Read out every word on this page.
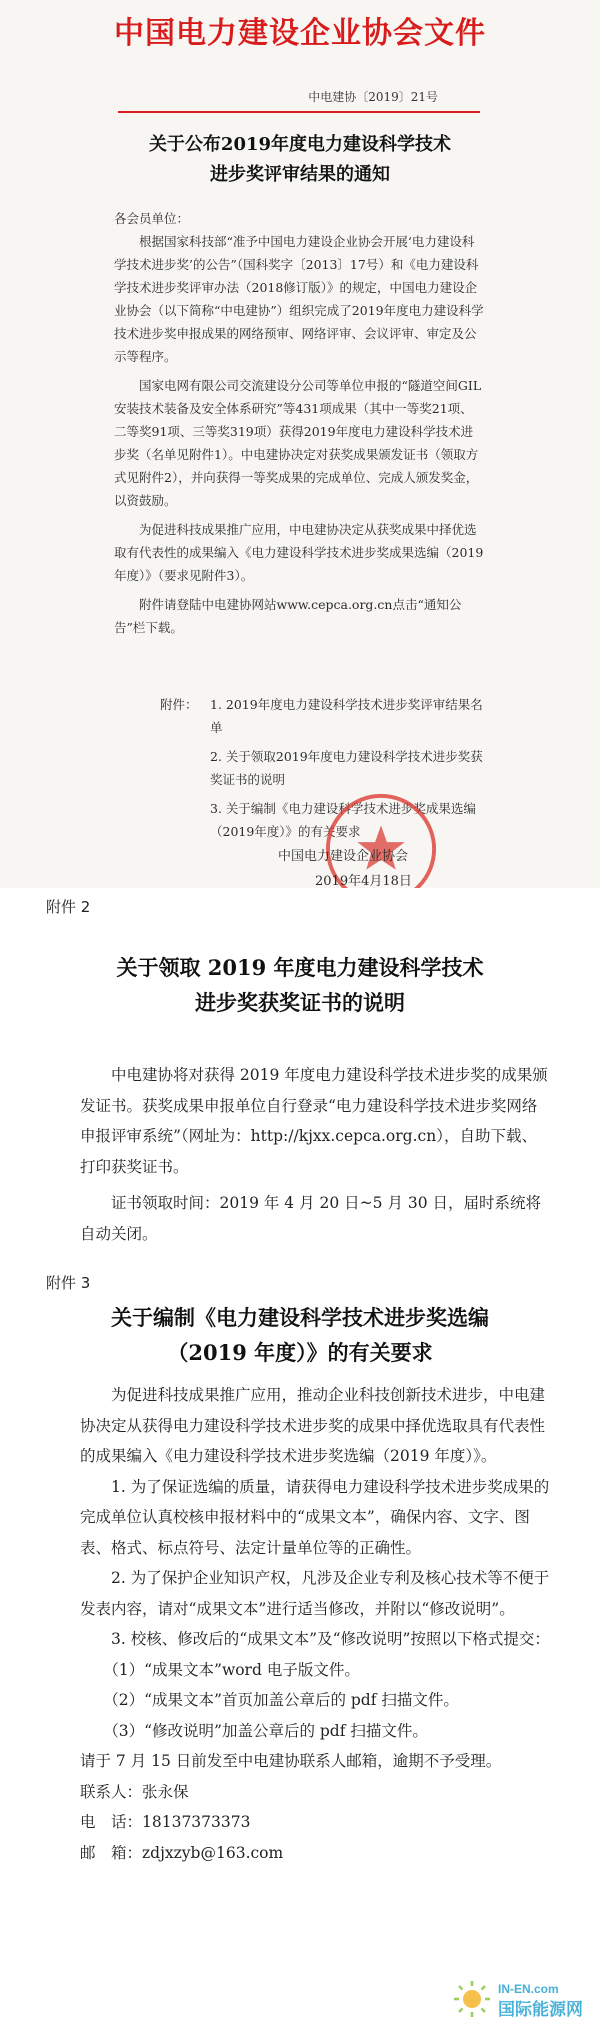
中国电力建设企业协会文件
中电建协〔2019〕21号
关于公布2019年度电力建设科学技术
进步奖评审结果的通知

各会员单位：

根据国家科技部“准予中国电力建设企业协会开展‘电力建设科学技术进步奖’的公告”（国科奖字〔2013〕17号）和《电力建设科学技术进步奖评审办法（2018修订版）》的规定，中国电力建设企业协会（以下简称“中电建协”）组织完成了2019年度电力建设科学技术进步奖申报成果的网络预审、网络评审、会议评审、审定及公示等程序。

国家电网有限公司交流建设分公司等单位申报的“隧道空间GIL安装技术装备及安全体系研究”等431项成果（其中一等奖21项、二等奖91项、三等奖319项）获得2019年度电力建设科学技术进步奖（名单见附件1）。中电建协决定对获奖成果颁发证书（领取方式见附件2），并向获得一等奖成果的完成单位、完成人颁发奖金，以资鼓励。

为促进科技成果推广应用，中电建协决定从获奖成果中择优选取有代表性的成果编入《电力建设科学技术进步奖成果选编（2019年度）》（要求见附件3）。

附件请登陆中电建协网站www.cepca.org.cn点击“通知公告”栏下载。

附件： 1. 2019年度电力建设科学技术进步奖评审结果名单
2. 关于领取2019年度电力建设科学技术进步奖获奖证书的说明
3. 关于编制《电力建设科学技术进步奖成果选编（2019年度）》的有关要求
中国电力建设企业协会
2019年4月18日
附件 2
关于领取 2019 年度电力建设科学技术
进步奖获奖证书的说明

中电建协将对获得 2019 年度电力建设科学技术进步奖的成果颁发证书。获奖成果申报单位自行登录“电力建设科学技术进步奖网络申报评审系统”（网址为：http://kjxx.cepca.org.cn），自助下载、打印获奖证书。

证书领取时间：2019 年 4 月 20 日~5 月 30 日，届时系统将自动关闭。

附件 3
关于编制《电力建设科学技术进步奖选编
（2019 年度）》的有关要求

为促进科技成果推广应用，推动企业科技创新技术进步，中电建协决定从获得电力建设科学技术进步奖的成果中择优选取具有代表性的成果编入《电力建设科学技术进步奖选编（2019 年度）》。

1. 为了保证选编的质量，请获得电力建设科学技术进步奖成果的完成单位认真校核申报材料中的“成果文本”，确保内容、文字、图表、格式、标点符号、法定计量单位等的正确性。

2. 为了保护企业知识产权，凡涉及企业专利及核心技术等不便于发表内容，请对“成果文本”进行适当修改，并附以“修改说明”。

3. 校核、修改后的“成果文本”及“修改说明”按照以下格式提交：

（1）“成果文本”word 电子版文件。

（2）“成果文本”首页加盖公章后的 pdf 扫描文件。

（3）“修改说明”加盖公章后的 pdf 扫描文件。

请于 7 月 15 日前发至中电建协联系人邮箱，逾期不予受理。

联系人：张永保

电　话：18137373373

邮　箱：zdjxzyb@163.com

IN-EN.com
国际能源网
